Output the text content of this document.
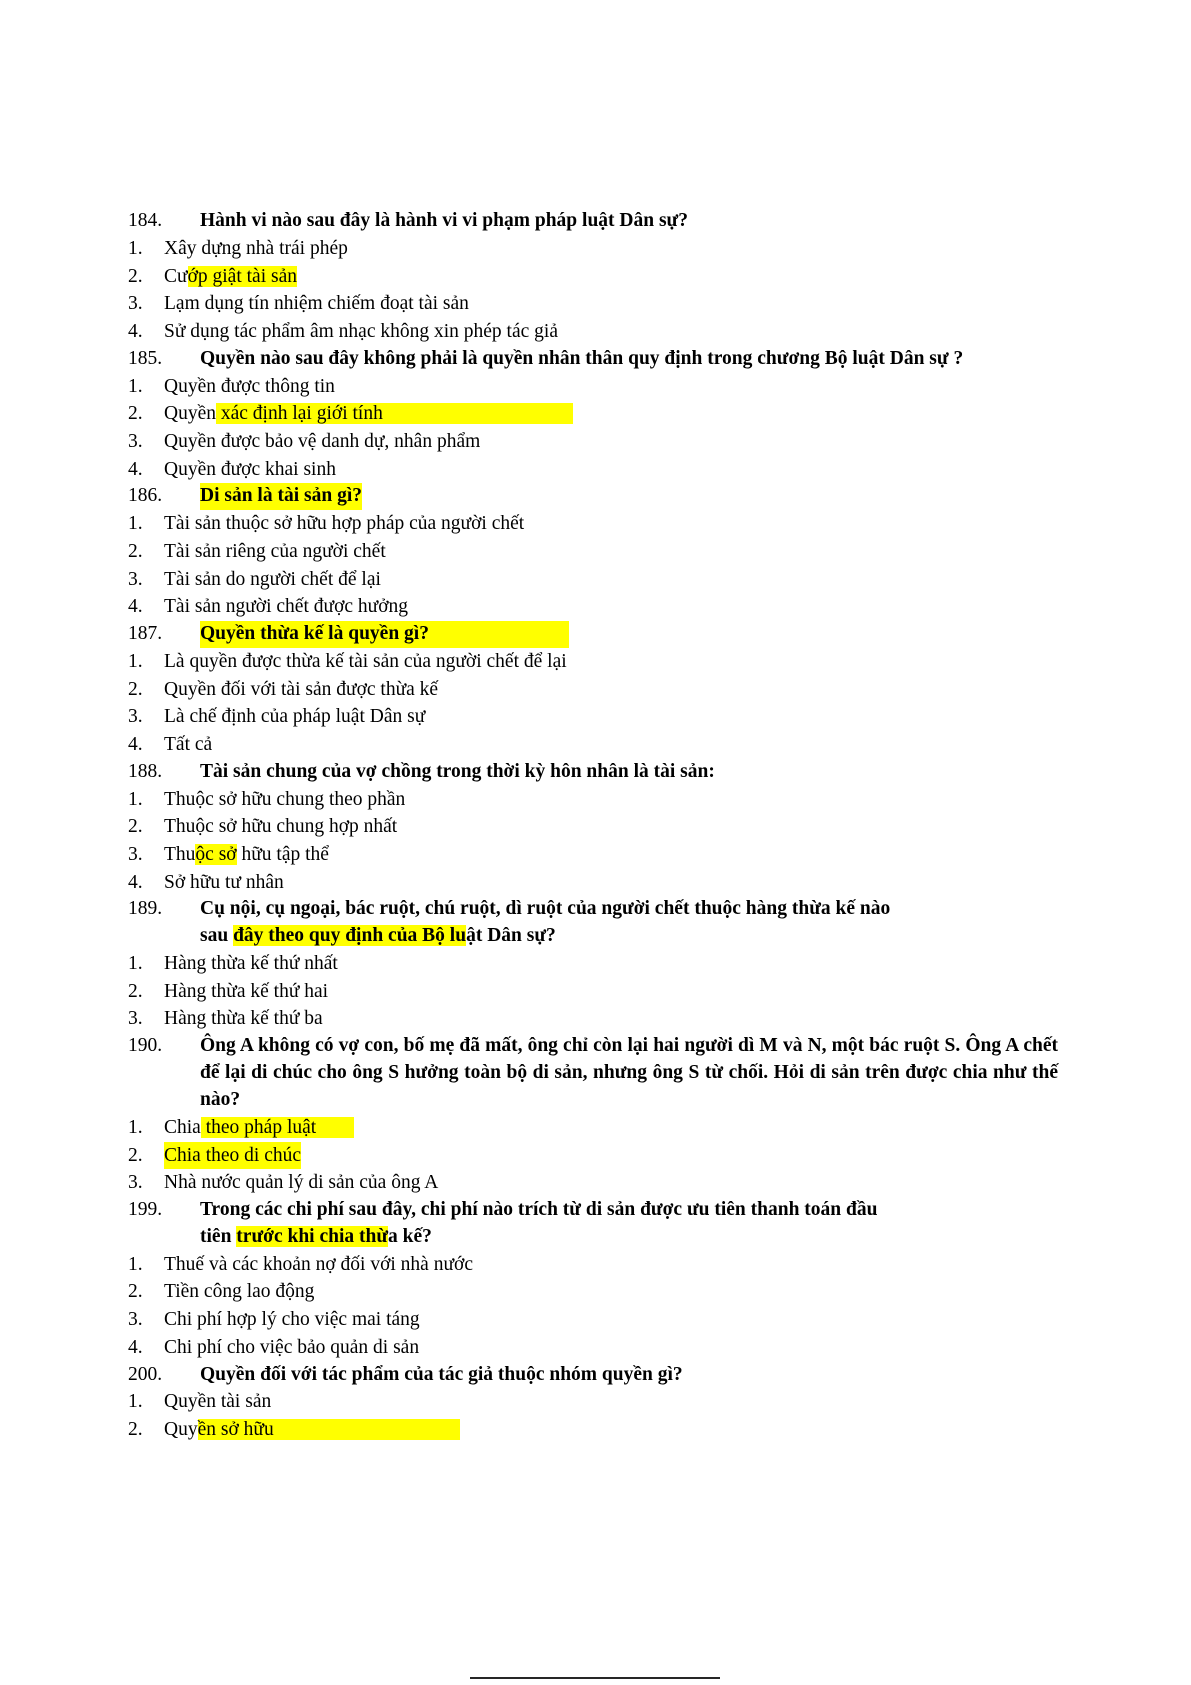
184.	Hành vi nào sau đây là hành vi vi phạm pháp luật Dân sự?
1.	Xây dựng nhà trái phép
2.	Cướp giật tài sản
3.	Lạm dụng tín nhiệm chiếm đoạt tài sản
4.	Sử dụng tác phẩm âm nhạc không xin phép tác giả
185.	Quyền nào sau đây không phải là quyền nhân thân quy định trong chương Bộ luật Dân sự ?
1.	Quyền được thông tin
2.	Quyền xác định lại giới tính
3.	Quyền được bảo vệ danh dự, nhân phẩm
4.	Quyền được khai sinh
186.	Di sản là tài sản gì?
1.	Tài sản thuộc sở hữu hợp pháp của người chết
2.	Tài sản riêng của người chết
3.	Tài sản do người chết để lại
4.	Tài sản người chết được hưởng
187.	Quyền thừa kế là quyền gì?
1.	Là quyền được thừa kế tài sản của người chết để lại
2.	Quyền đối với tài sản được thừa kế
3.	Là chế định của pháp luật Dân sự
4.	Tất cả
188.	Tài sản chung của vợ chồng trong thời kỳ hôn nhân là tài sản:
1.	Thuộc sở hữu chung theo phần
2.	Thuộc sở hữu chung hợp nhất
3.	Thuộc sở hữu tập thể
4.	Sở hữu tư nhân
189.	Cụ nội, cụ ngoại, bác ruột, chú ruột, dì ruột của người chết thuộc hàng thừa kế nào
sau đây theo quy định của Bộ luật Dân sự?
1.	Hàng thừa kế thứ nhất
2.	Hàng thừa kế thứ hai
3.	Hàng thừa kế thứ ba
190.	Ông A không có vợ con, bố mẹ đã mất, ông chỉ còn lại hai người dì M và N, một bác ruột S. Ông A chết để lại di chúc cho ông S hưởng toàn bộ di sản, nhưng ông S từ chối. Hỏi di sản trên được chia như thế nào?
1.	Chia theo pháp luật
2.	Chia theo di chúc
3.	Nhà nước quản lý di sản của ông A
199.	Trong các chi phí sau đây, chi phí nào trích từ di sản được ưu tiên thanh toán đầu
tiên trước khi chia thừa kế?
1.	Thuế và các khoản nợ đối với nhà nước
2.	Tiền công lao động
3.	Chi phí hợp lý cho việc mai táng
4.	Chi phí cho việc bảo quản di sản
200.	Quyền đối với tác phẩm của tác giả thuộc nhóm quyền gì?
1.	Quyền tài sản
2.	Quyền sở hữu
